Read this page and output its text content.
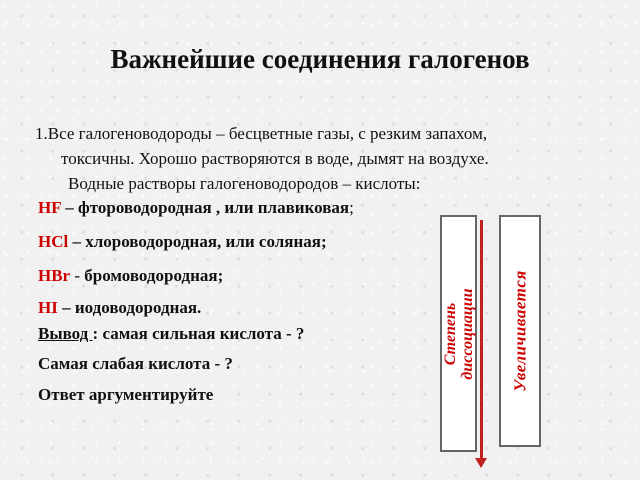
Важнейшие соединения галогенов
1.Все галогеноводороды – бесцветные газы, с резким запахом,
токсичны. Хорошо растворяются в воде, дымят на воздухе.
Водные растворы галогеноводородов – кислоты:
HF – фтороводородная , или плавиковая;
HCl – хлороводородная, или соляная;
HBr - бромоводородная;
HI – иодоводородная.
Вывод : самая сильная кислота - ?
Самая слабая кислота - ?
Ответ аргументируйте
Степень диссоциации Увеличивается
